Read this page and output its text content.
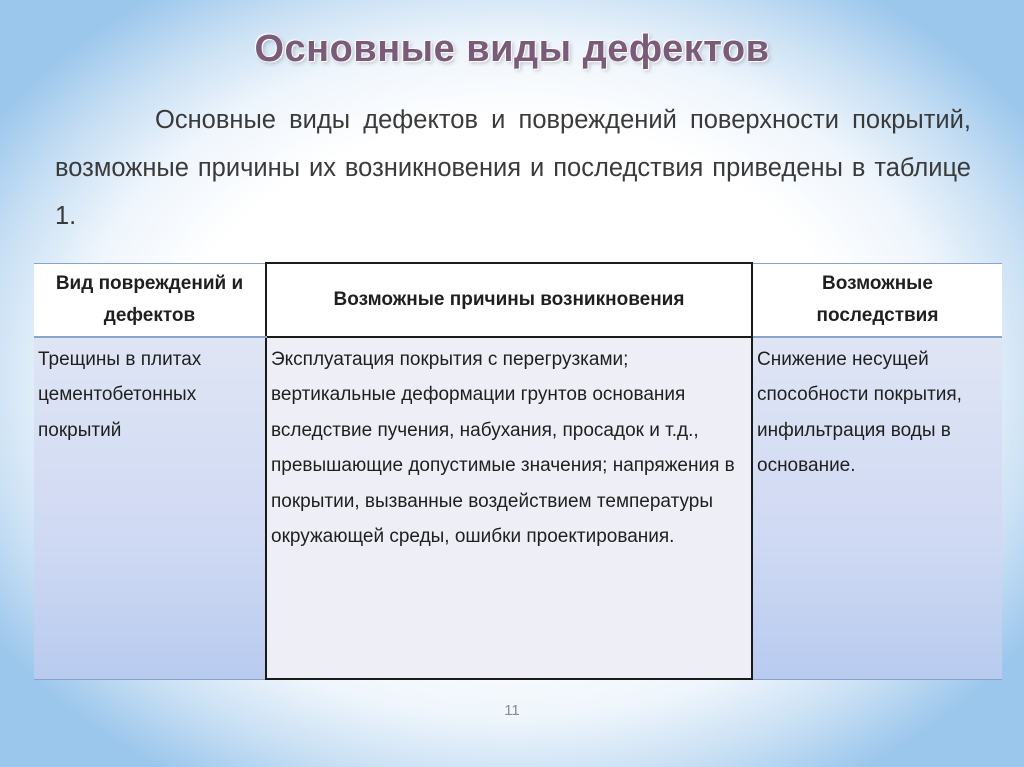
Основные виды дефектов
Основные виды дефектов и повреждений поверхности покрытий, возможные причины их возникновения и последствия приведены в таблице 1.
Вид повреждений и дефектов	Возможные причины возникновения	Возможные последствия
Трещины в плитах цементобетонных покрытий	Эксплуатация покрытия с перегрузками; вертикальные деформации грунтов основания вследствие пучения, набухания, просадок и т.д., превышающие допустимые значения; напряжения в покрытии, вызванные воздействием температуры окружающей среды, ошибки проектирования.	Снижение несущей способности покрытия, инфильтрация воды в основание.
11
